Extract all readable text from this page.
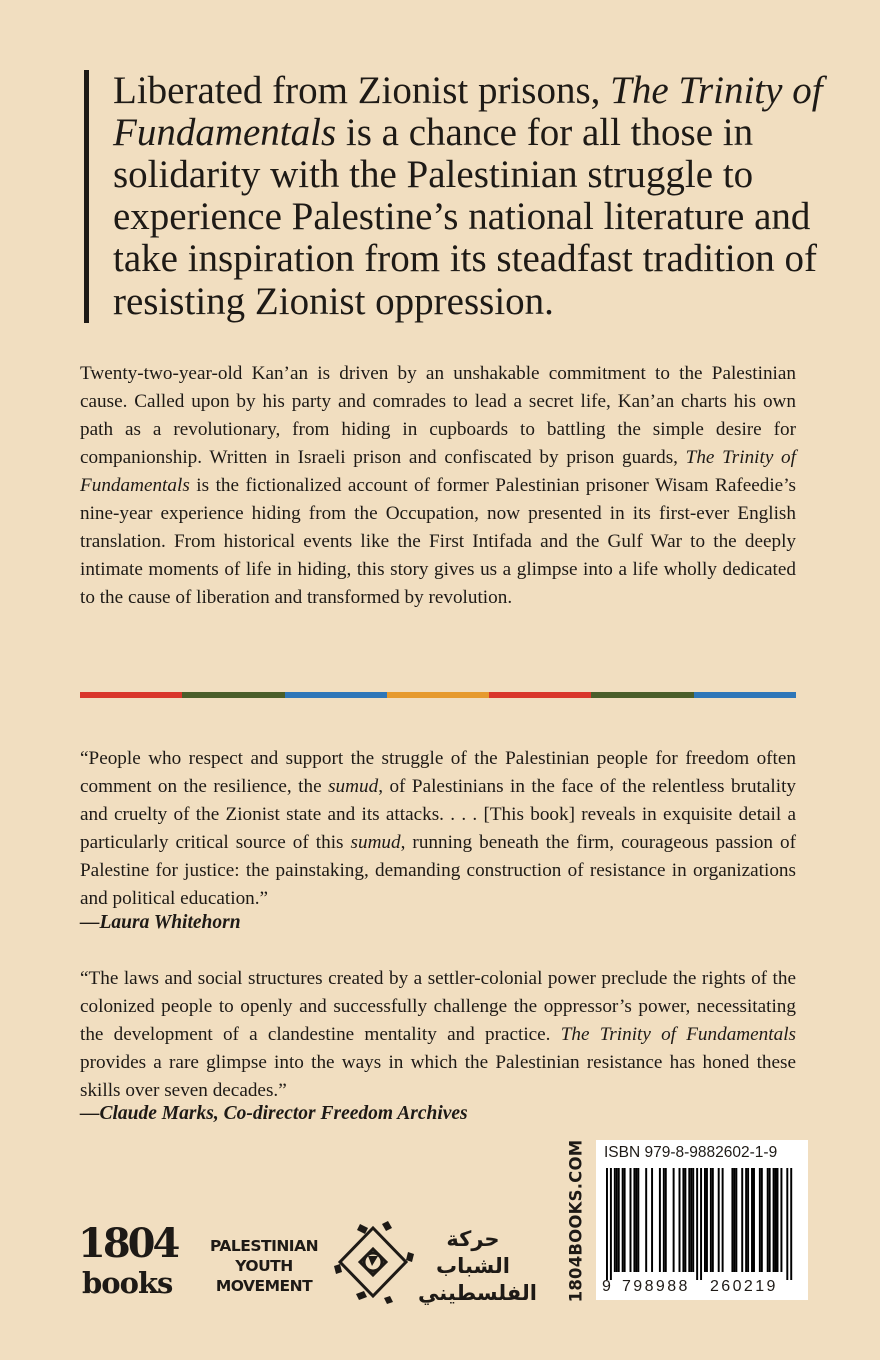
Liberated from Zionist prisons, The Trinity of Fundamentals is a chance for all those in solidarity with the Palestinian struggle to experience Palestine’s national literature and take inspiration from its steadfast tradition of resisting Zionist oppression.
Twenty-two-year-old Kan’an is driven by an unshakable commitment to the Palestinian cause. Called upon by his party and comrades to lead a secret life, Kan’an charts his own path as a revolutionary, from hiding in cupboards to battling the simple desire for companionship. Written in Israeli prison and confiscated by prison guards, The Trinity of Fundamentals is the fictionalized account of former Palestinian prisoner Wisam Rafeedie’s nine-year experience hiding from the Occupation, now presented in its first-ever English translation. From historical events like the First Intifada and the Gulf War to the deeply intimate moments of life in hiding, this story gives us a glimpse into a life wholly dedicated to the cause of liberation and transformed by revolution.
“People who respect and support the struggle of the Palestinian people for freedom often comment on the resilience, the sumud, of Palestinians in the face of the relentless brutality and cruelty of the Zionist state and its attacks. . . . [This book] reveals in exquisite detail a particularly critical source of this sumud, running beneath the firm, courageous passion of Palestine for justice: the painstaking, demanding construction of resistance in organizations and political education.”
—Laura Whitehorn
“The laws and social structures created by a settler-colonial power preclude the rights of the colonized people to openly and successfully challenge the oppressor’s power, necessitating the development of a clandestine mentality and practice. The Trinity of Fundamentals provides a rare glimpse into the ways in which the Palestinian resistance has honed these skills over seven decades.”
—Claude Marks, Co-director Freedom Archives
1804
books
PALESTINIAN
YOUTH
MOVEMENT
حركة
الشباب
الفلسطيني 1804BOOKS.COM ISBN 979-8-9882602-1-9
9 798988 260219
